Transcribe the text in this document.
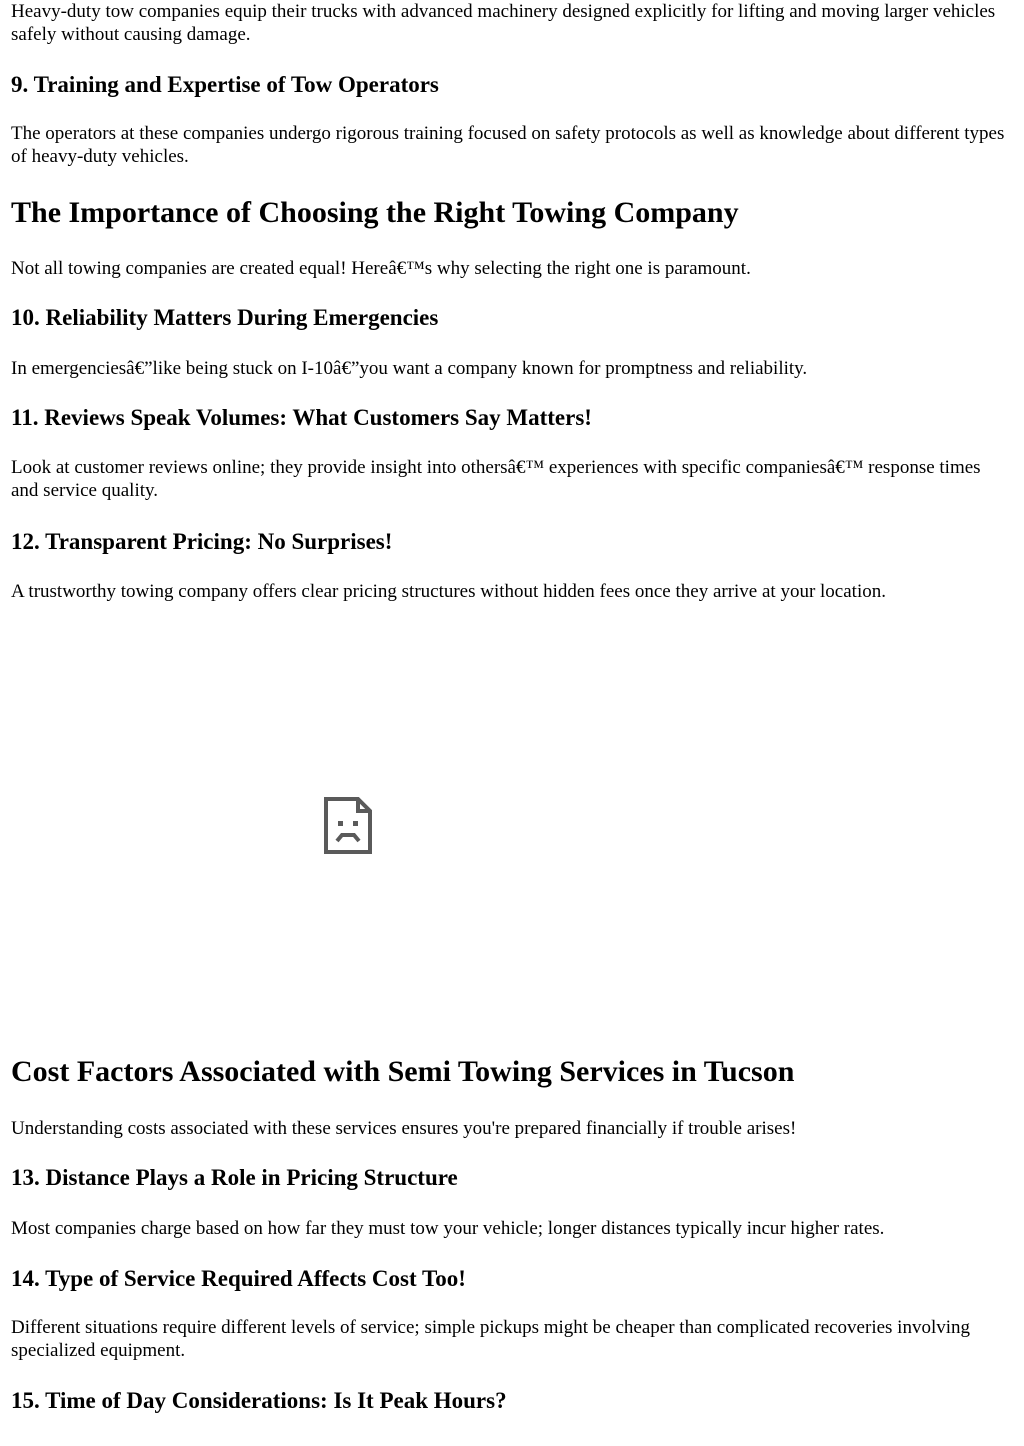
Heavy-duty tow companies equip their trucks with advanced machinery designed explicitly for lifting and moving larger vehicles safely without causing damage.

9. Training and Expertise of Tow Operators

The operators at these companies undergo rigorous training focused on safety protocols as well as knowledge about different types of heavy-duty vehicles.

The Importance of Choosing the Right Towing Company

Not all towing companies are created equal! Hereâ€™s why selecting the right one is paramount.

10. Reliability Matters During Emergencies

In emergenciesâ€”like being stuck on I-10â€”you want a company known for promptness and reliability.

11. Reviews Speak Volumes: What Customers Say Matters!

Look at customer reviews online; they provide insight into othersâ€™ experiences with specific companiesâ€™ response times and service quality.

12. Transparent Pricing: No Surprises!

A trustworthy towing company offers clear pricing structures without hidden fees once they arrive at your location.

Cost Factors Associated with Semi Towing Services in Tucson

Understanding costs associated with these services ensures you're prepared financially if trouble arises!

13. Distance Plays a Role in Pricing Structure

Most companies charge based on how far they must tow your vehicle; longer distances typically incur higher rates.

14. Type of Service Required Affects Cost Too!

Different situations require different levels of service; simple pickups might be cheaper than complicated recoveries involving specialized equipment.

15. Time of Day Considerations: Is It Peak Hours?
